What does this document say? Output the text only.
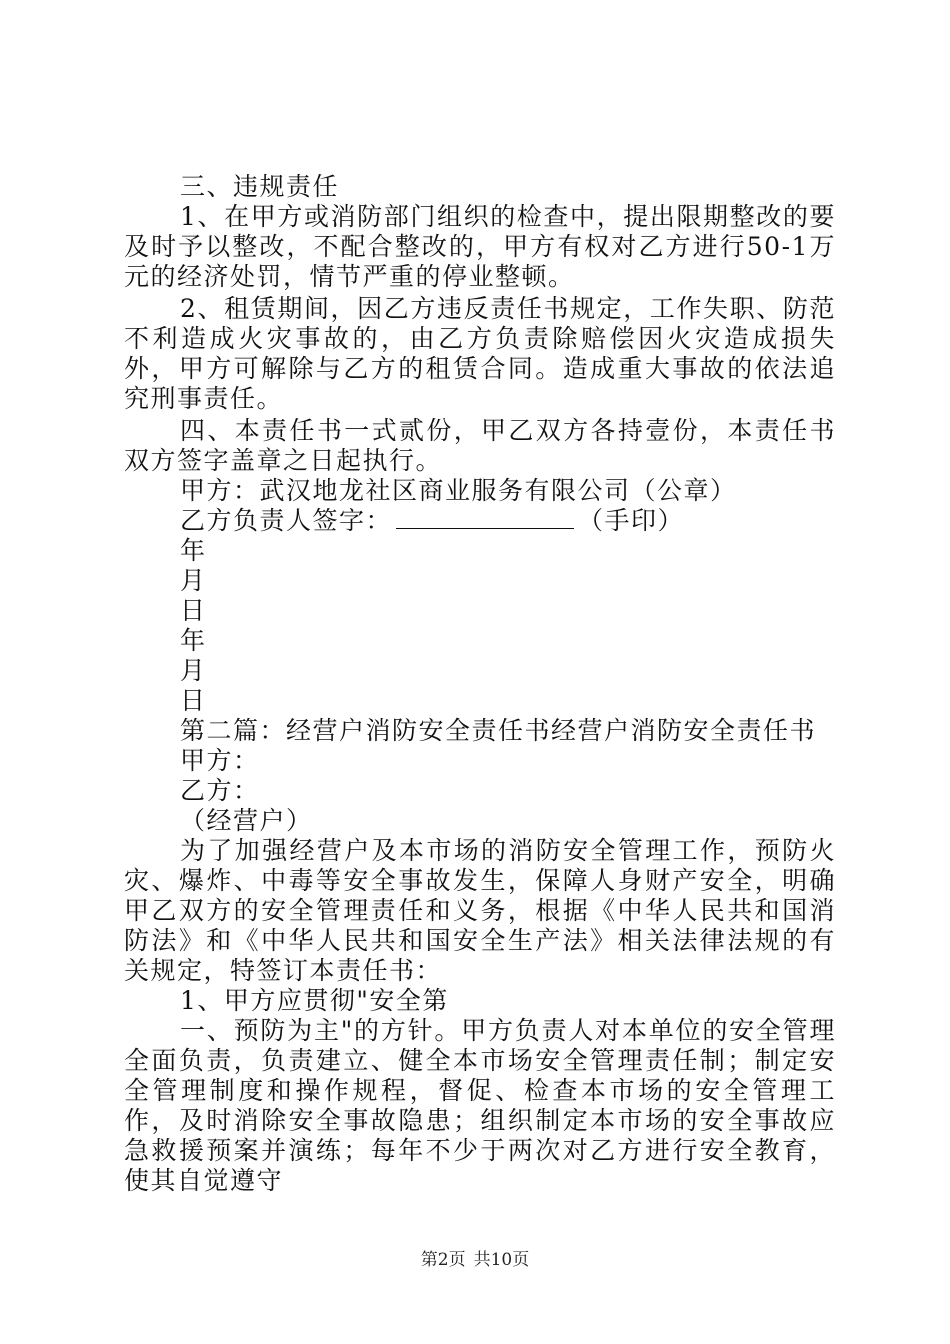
三、违规责任

1、在甲方或消防部门组织的检查中，提出限期整改的要及时予以整改，不配合整改的，甲方有权对乙方进行50-1万元的经济处罚，情节严重的停业整顿。

2、租赁期间，因乙方违反责任书规定，工作失职、防范不利造成火灾事故的，由乙方负责除赔偿因火灾造成损失外，甲方可解除与乙方的租赁合同。造成重大事故的依法追究刑事责任。

四、本责任书一式贰份，甲乙双方各持壹份，本责任书双方签字盖章之日起执行。

甲方：武汉地龙社区商业服务有限公司（公章）

乙方负责人签字：	（手印）

年

月

日

年

月

日

第二篇：经营户消防安全责任书经营户消防安全责任书

甲方：

乙方：

（经营户）

为了加强经营户及本市场的消防安全管理工作，预防火灾、爆炸、中毒等安全事故发生，保障人身财产安全，明确甲乙双方的安全管理责任和义务，根据《中华人民共和国消防法》和《中华人民共和国安全生产法》相关法律法规的有关规定，特签订本责任书：

1、甲方应贯彻"安全第

一、预防为主"的方针。甲方负责人对本单位的安全管理全面负责，负责建立、健全本市场安全管理责任制；制定安全管理制度和操作规程，督促、检查本市场的安全管理工作，及时消除安全事故隐患；组织制定本市场的安全事故应急救援预案并演练；每年不少于两次对乙方进行安全教育，使其自觉遵守

第2页 共10页
